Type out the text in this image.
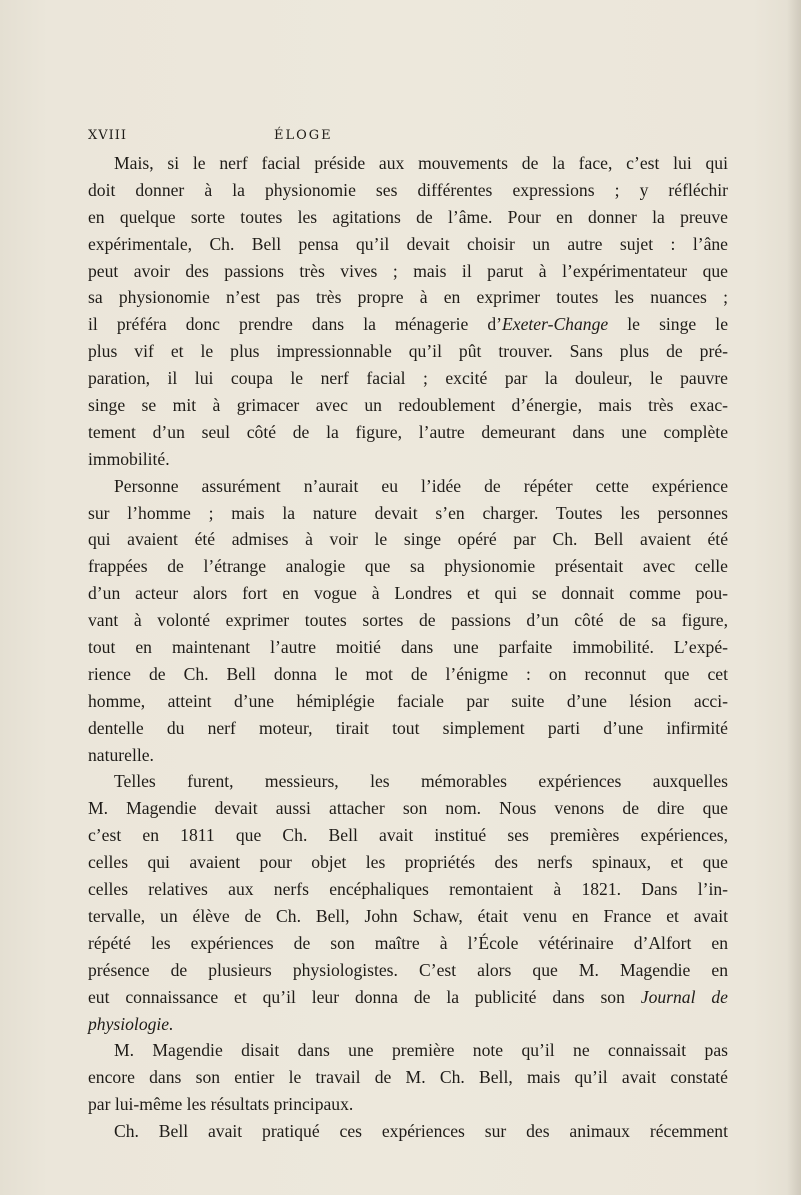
XVIII	ÉLOGE
Mais, si le nerf facial préside aux mouvements de la face, c’est lui qui
doit donner à la physionomie ses différentes expressions ; y réfléchir
en quelque sorte toutes les agitations de l’âme. Pour en donner la preuve
expérimentale, Ch. Bell pensa qu’il devait choisir un autre sujet : l’âne
peut avoir des passions très vives ; mais il parut à l’expérimentateur que
sa physionomie n’est pas très propre à en exprimer toutes les nuances ;
il préféra donc prendre dans la ménagerie d’Exeter-Change le singe le
plus vif et le plus impressionnable qu’il pût trouver. Sans plus de pré-
paration, il lui coupa le nerf facial ; excité par la douleur, le pauvre
singe se mit à grimacer avec un redoublement d’énergie, mais très exac-
tement d’un seul côté de la figure, l’autre demeurant dans une complète
immobilité.
Personne assurément n’aurait eu l’idée de répéter cette expérience
sur l’homme ; mais la nature devait s’en charger. Toutes les personnes
qui avaient été admises à voir le singe opéré par Ch. Bell avaient été
frappées de l’étrange analogie que sa physionomie présentait avec celle
d’un acteur alors fort en vogue à Londres et qui se donnait comme pou-
vant à volonté exprimer toutes sortes de passions d’un côté de sa figure,
tout en maintenant l’autre moitié dans une parfaite immobilité. L’expé-
rience de Ch. Bell donna le mot de l’énigme : on reconnut que cet
homme, atteint d’une hémiplégie faciale par suite d’une lésion acci-
dentelle du nerf moteur, tirait tout simplement parti d’une infirmité
naturelle.
Telles furent, messieurs, les mémorables expériences auxquelles
M. Magendie devait aussi attacher son nom. Nous venons de dire que
c’est en 1811 que Ch. Bell avait institué ses premières expériences,
celles qui avaient pour objet les propriétés des nerfs spinaux, et que
celles relatives aux nerfs encéphaliques remontaient à 1821. Dans l’in-
tervalle, un élève de Ch. Bell, John Schaw, était venu en France et avait
répété les expériences de son maître à l’École vétérinaire d’Alfort en
présence de plusieurs physiologistes. C’est alors que M. Magendie en
eut connaissance et qu’il leur donna de la publicité dans son Journal de
physiologie.
M. Magendie disait dans une première note qu’il ne connaissait pas
encore dans son entier le travail de M. Ch. Bell, mais qu’il avait constaté
par lui-même les résultats principaux.
Ch. Bell avait pratiqué ces expériences sur des animaux récemment
